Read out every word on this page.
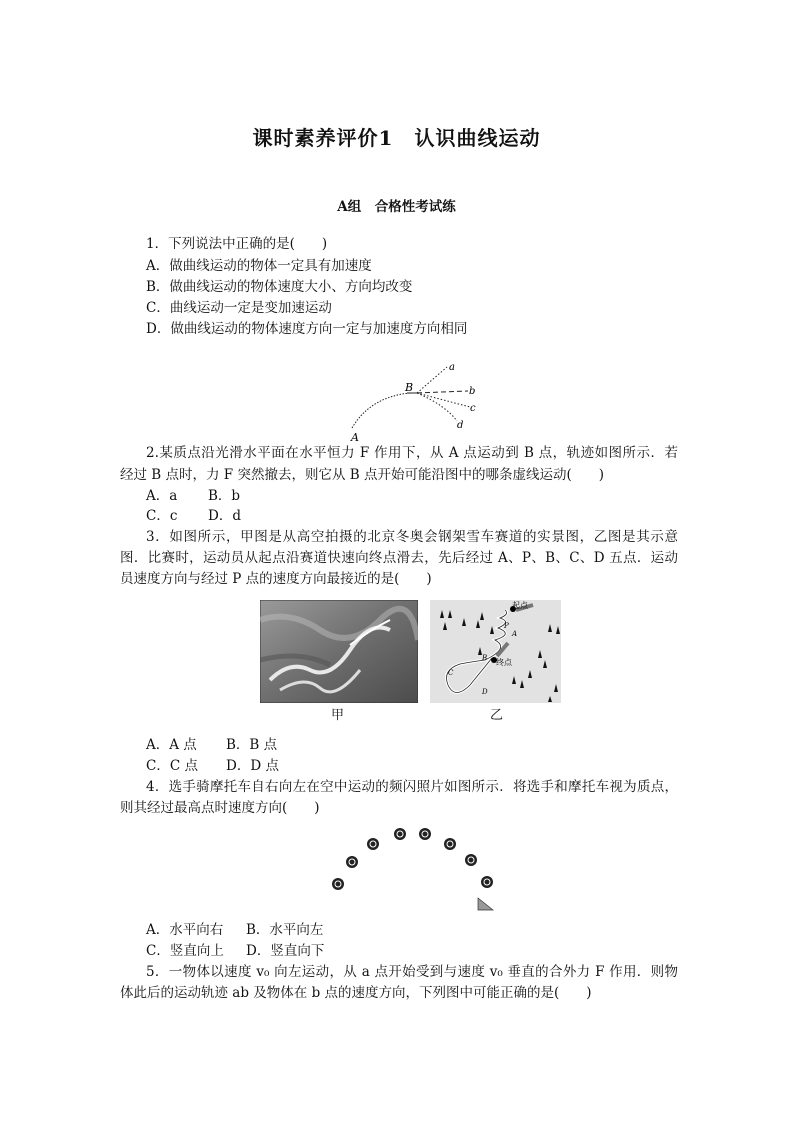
课时素养评价1　认识曲线运动
A组　合格性考试练
1．下列说法中正确的是(　　)
A．做曲线运动的物体一定具有加速度
B．做曲线运动的物体速度大小、方向均改变
C．曲线运动一定是变加速运动
D．做曲线运动的物体速度方向一定与加速度方向相同
B
A
a
b
c
d
2.某质点沿光滑水平面在水平恒力 F 作用下，从 A 点运动到 B 点，轨迹如图所示．若
经过 B 点时，力 F 突然撤去，则它从 B 点开始可能沿图中的哪条虚线运动(　　)
A．a B．b
C．c D．d
3．如图所示，甲图是从高空拍摄的北京冬奥会钢架雪车赛道的实景图，乙图是其示意
图．比赛时，运动员从起点沿赛道快速向终点滑去，先后经过 A、P、B、C、D 五点．运动
员速度方向与经过 P 点的速度方向最接近的是(　　)
起点
终点
A
P
B
C
D
甲	乙
A．A 点 B．B 点
C．C 点 D．D 点
4．选手骑摩托车自右向左在空中运动的频闪照片如图所示．将选手和摩托车视为质点，
则其经过最高点时速度方向(　　)
A．水平向右 B．水平向左
C．竖直向上 D．竖直向下
5．一物体以速度 v₀ 向左运动，从 a 点开始受到与速度 v₀ 垂直的合外力 F 作用．则物
体此后的运动轨迹 ab 及物体在 b 点的速度方向，下列图中可能正确的是(　　)
